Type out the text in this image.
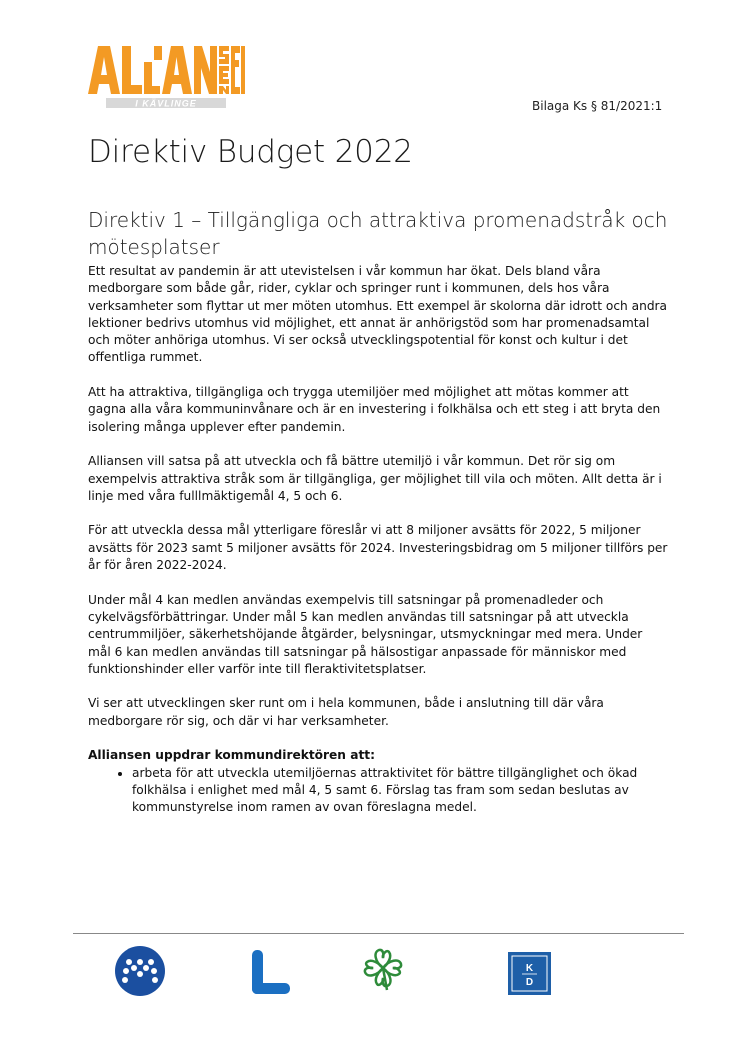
I KÄVLINGE	Bilaga Ks § 81/2021:1
Direktiv Budget 2022
Direktiv 1 – Tillgängliga och attraktiva promenadstråk och mötesplatser

Ett resultat av pandemin är att utevistelsen i vår kommun har ökat. Dels bland våra medborgare som både går, rider, cyklar och springer runt i kommunen, dels hos våra verksamheter som flyttar ut mer möten utomhus. Ett exempel är skolorna där idrott och andra lektioner bedrivs utomhus vid möjlighet, ett annat är anhörigstöd som har promenadsamtal och möter anhöriga utomhus. Vi ser också utvecklingspotential för konst och kultur i det offentliga rummet.

Att ha attraktiva, tillgängliga och trygga utemiljöer med möjlighet att mötas kommer att gagna alla våra kommuninvånare och är en investering i folkhälsa och ett steg i att bryta den isolering många upplever efter pandemin.

Alliansen vill satsa på att utveckla och få bättre utemiljö i vår kommun. Det rör sig om exempelvis attraktiva stråk som är tillgängliga, ger möjlighet till vila och möten. Allt detta är i linje med våra fulllmäktigemål 4, 5 och 6.

För att utveckla dessa mål ytterligare föreslår vi att 8 miljoner avsätts för 2022, 5 miljoner avsätts för 2023 samt 5 miljoner avsätts för 2024. Investeringsbidrag om 5 miljoner tillförs per år för åren 2022-2024.

Under mål 4 kan medlen användas exempelvis till satsningar på promenadleder och cykelvägsförbättringar. Under mål 5 kan medlen användas till satsningar på att utveckla centrummiljöer, säkerhetshöjande åtgärder, belysningar, utsmyckningar med mera. Under mål 6 kan medlen användas till satsningar på hälsostigar anpassade för människor med funktionshinder eller varför inte till fleraktivitetsplatser.

Vi ser att utvecklingen sker runt om i hela kommunen, både i anslutning till där våra medborgare rör sig, och där vi har verksamheter.

Alliansen uppdrar kommundirektören att:

• arbeta för att utveckla utemiljöernas attraktivitet för bättre tillgänglighet och ökad folkhälsa i enlighet med mål 4, 5 samt 6. Förslag tas fram som sedan beslutas av kommunstyrelse inom ramen av ovan föreslagna medel.
K
D
